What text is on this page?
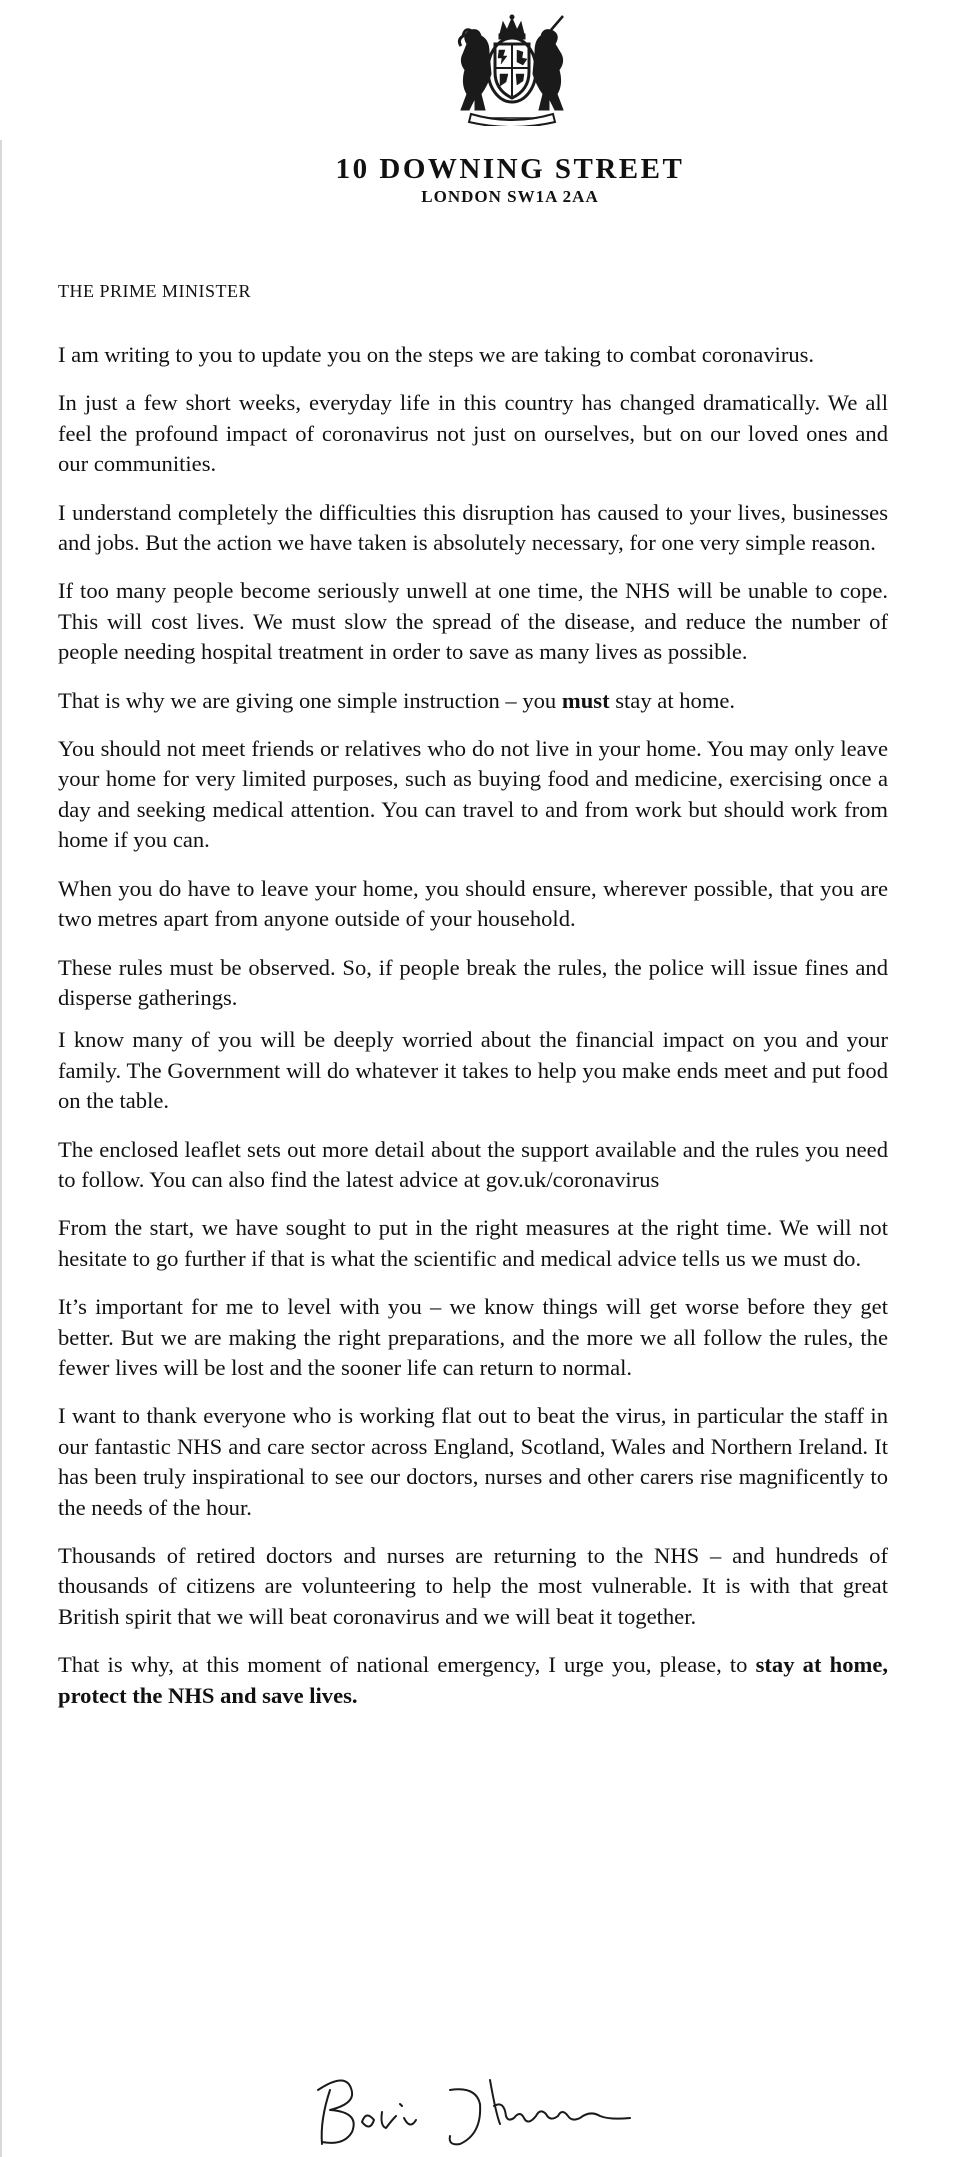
10 DOWNING STREET
LONDON SW1A 2AA
THE PRIME MINISTER

I am writing to you to update you on the steps we are taking to combat coronavirus.

In just a few short weeks, everyday life in this country has changed dramatically. We all feel the profound impact of coronavirus not just on ourselves, but on our loved ones and our communities.

I understand completely the difficulties this disruption has caused to your lives, businesses and jobs. But the action we have taken is absolutely necessary, for one very simple reason.

If too many people become seriously unwell at one time, the NHS will be unable to cope. This will cost lives. We must slow the spread of the disease, and reduce the number of people needing hospital treatment in order to save as many lives as possible.

That is why we are giving one simple instruction – you must stay at home.

You should not meet friends or relatives who do not live in your home. You may only leave your home for very limited purposes, such as buying food and medicine, exercising once a day and seeking medical attention. You can travel to and from work but should work from home if you can.

When you do have to leave your home, you should ensure, wherever possible, that you are two metres apart from anyone outside of your household.

These rules must be observed. So, if people break the rules, the police will issue fines and disperse gatherings.

I know many of you will be deeply worried about the financial impact on you and your family. The Government will do whatever it takes to help you make ends meet and put food on the table.

The enclosed leaflet sets out more detail about the support available and the rules you need to follow. You can also find the latest advice at gov.uk/coronavirus

From the start, we have sought to put in the right measures at the right time. We will not hesitate to go further if that is what the scientific and medical advice tells us we must do.

It’s important for me to level with you – we know things will get worse before they get better. But we are making the right preparations, and the more we all follow the rules, the fewer lives will be lost and the sooner life can return to normal.

I want to thank everyone who is working flat out to beat the virus, in particular the staff in our fantastic NHS and care sector across England, Scotland, Wales and Northern Ireland. It has been truly inspirational to see our doctors, nurses and other carers rise magnificently to the needs of the hour.

Thousands of retired doctors and nurses are returning to the NHS – and hundreds of thousands of citizens are volunteering to help the most vulnerable. It is with that great British spirit that we will beat coronavirus and we will beat it together.

That is why, at this moment of national emergency, I urge you, please, to stay at home, protect the NHS and save lives.
